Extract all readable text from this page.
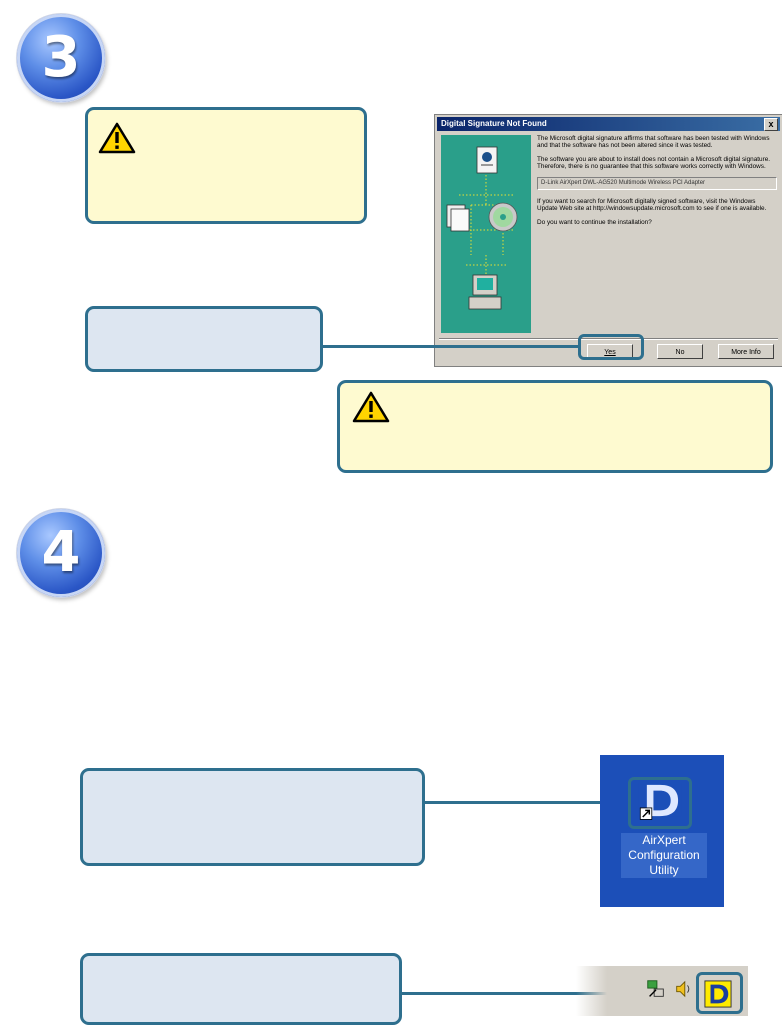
3
Digital Signature Not Found	x

The Microsoft digital signature affirms that software has been tested with Windows and that the software has not been altered since it was tested.

The software you are about to install does not contain a Microsoft digital signature. Therefore, there is no guarantee that this software works correctly with Windows.

D-Link AirXpert DWL-AG520 Multimode Wireless PCI Adapter

If you want to search for Microsoft digitally signed software, visit the Windows Update Web site at http://windowsupdate.microsoft.com to see if one is available.

Do you want to continue the installation?

Yes	No	More Info
4
AirXpert Configuration Utility
